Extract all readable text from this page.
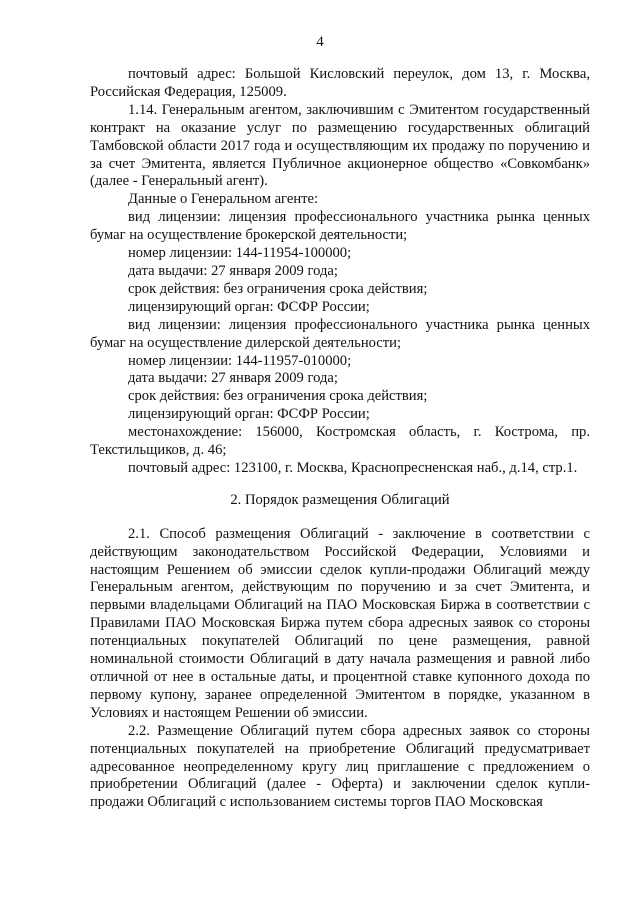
4

почтовый адрес: Большой Кисловский переулок, дом 13, г. Москва, Российская Федерация, 125009.

1.14. Генеральным агентом, заключившим с Эмитентом государственный контракт на оказание услуг по размещению государственных облигаций Тамбовской области 2017 года и осуществляющим их продажу по поручению и за счет Эмитента, является Публичное акционерное общество «Совкомбанк» (далее - Генеральный агент).

Данные о Генеральном агенте:

вид лицензии: лицензия профессионального участника рынка ценных бумаг на осуществление брокерской деятельности;

номер лицензии: 144-11954-100000;

дата выдачи: 27 января 2009 года;

срок действия: без ограничения срока действия;

лицензирующий орган: ФСФР России;

вид лицензии: лицензия профессионального участника рынка ценных бумаг на осуществление дилерской деятельности;

номер лицензии: 144-11957-010000;

дата выдачи: 27 января 2009 года;

срок действия: без ограничения срока действия;

лицензирующий орган: ФСФР России;

местонахождение: 156000, Костромская область, г. Кострома, пр. Текстильщиков, д. 46;

почтовый адрес: 123100, г. Москва, Краснопресненская наб., д.14, стр.1.

2. Порядок размещения Облигаций

2.1. Способ размещения Облигаций - заключение в соответствии с действующим законодательством Российской Федерации, Условиями и настоящим Решением об эмиссии сделок купли-продажи Облигаций между Генеральным агентом, действующим по поручению и за счет Эмитента, и первыми владельцами Облигаций на ПАО Московская Биржа в соответствии с Правилами ПАО Московская Биржа путем сбора адресных заявок со стороны потенциальных покупателей Облигаций по цене размещения, равной номинальной стоимости Облигаций в дату начала размещения и равной либо отличной от нее в остальные даты, и процентной ставке купонного дохода по первому купону, заранее определенной Эмитентом в порядке, указанном в Условиях и настоящем Решении об эмиссии.

2.2. Размещение Облигаций путем сбора адресных заявок со стороны потенциальных покупателей на приобретение Облигаций предусматривает адресованное неопределенному кругу лиц приглашение с предложением о приобретении Облигаций (далее - Оферта) и заключении сделок купли-продажи Облигаций с использованием системы торгов ПАО Московская
